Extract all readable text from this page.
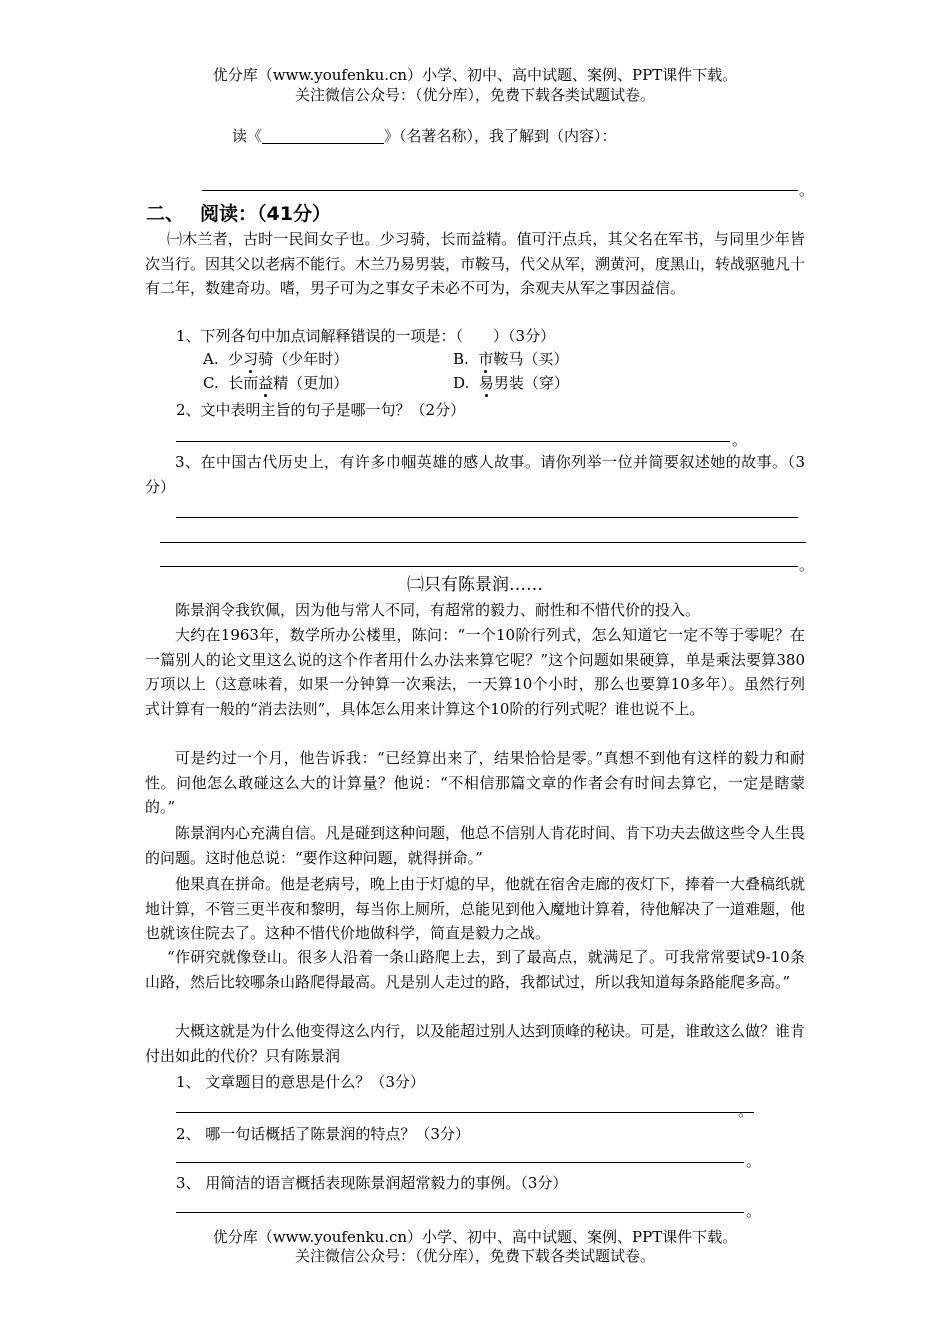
优分库（www.youfenku.cn）小学、初中、高中试题、案例、PPT课件下载。
关注微信公众号：（优分库），免费下载各类试题试卷。
读《	》（名著名称），我了解到（内容）：
。
二、 阅读：（41分）
㈠木兰者，古时一民间女子也。少习骑，长而益精。值可汗点兵，其父名在军书，与同里少年皆次当行。因其父以老病不能行。木兰乃易男装，市鞍马，代父从军，溯黄河，度黑山，转战驱驰凡十有二年，数建奇功。嗜，男子可为之事女子未必不可为，余观夫从军之事因益信。
1、下列各句中加点词解释错误的一项是：（　　）（3分）
A. 少习骑（少年时）	B. 市鞍马（买）
C. 长而益精（更加）	D. 易男装（穿）
2、文中表明主旨的句子是哪一句？（2分）
。
3、在中国古代历史上，有许多巾帼英雄的感人故事。请你列举一位并简要叙述她的故事。（3分）
。
㈡只有陈景润……
陈景润令我钦佩，因为他与常人不同，有超常的毅力、耐性和不惜代价的投入。
大约在1963年，数学所办公楼里，陈问：“一个10阶行列式，怎么知道它一定不等于零呢？在一篇别人的论文里这么说的这个作者用什么办法来算它呢？”这个问题如果硬算，单是乘法要算380万项以上（这意味着，如果一分钟算一次乘法，一天算10个小时，那么也要算10多年）。虽然行列式计算有一般的“消去法则”，具体怎么用来计算这个10阶的行列式呢？谁也说不上。
可是约过一个月，他告诉我：“已经算出来了，结果恰恰是零。”真想不到他有这样的毅力和耐性。问他怎么敢碰这么大的计算量？他说：“不相信那篇文章的作者会有时间去算它，一定是瞎蒙的。”
陈景润内心充满自信。凡是碰到这种问题，他总不信别人肯花时间、肯下功夫去做这些令人生畏的问题。这时他总说：“要作这种问题，就得拼命。”
他果真在拼命。他是老病号，晚上由于灯熄的早，他就在宿舍走廊的夜灯下，捧着一大叠稿纸就地计算，不管三更半夜和黎明，每当你上厕所，总能见到他入魔地计算着，待他解决了一道难题，他也就该住院去了。这种不惜代价地做科学，简直是毅力之战。
“作研究就像登山。很多人沿着一条山路爬上去，到了最高点，就满足了。可我常常要试9-10条山路，然后比较哪条山路爬得最高。凡是别人走过的路，我都试过，所以我知道每条路能爬多高。”
大概这就是为什么他变得这么内行，以及能超过别人达到顶峰的秘诀。可是，谁敢这么做？谁肯付出如此的代价？只有陈景润
1、 文章题目的意思是什么？（3分）
。
2、 哪一句话概括了陈景润的特点？（3分）
。
3、 用简洁的语言概括表现陈景润超常毅力的事例。（3分）
。
优分库（www.youfenku.cn）小学、初中、高中试题、案例、PPT课件下载。
关注微信公众号：（优分库），免费下载各类试题试卷。
